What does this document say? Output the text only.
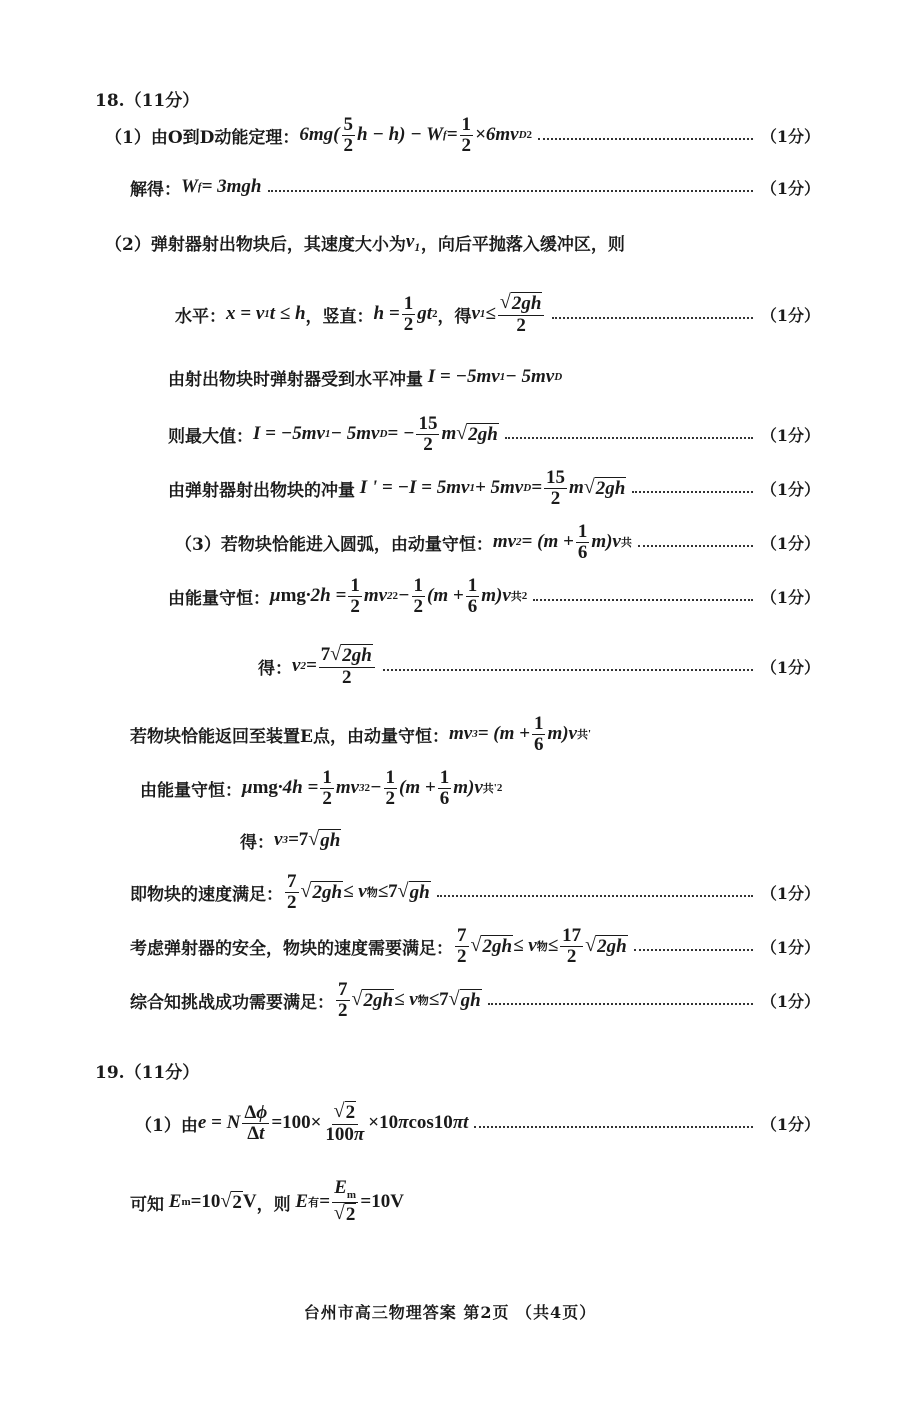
18.（11分）
（1）由O到D动能定理： $6mg( \frac{5}{2}$ h − h) − W $f = \frac{1}{2} \times 6mv$ D 2	（1分）
解得： W f = 3mgh	（1分）
（2）弹射器射出物块后，其速度大小为 v₁ ，向后平抛落入缓冲区，则
水平： x = v 1 t ≤ h ，竖直： $h = \frac{1}{2}$ gt 2 ，得 v $1 \le \frac{√ 2gh}{2}$	（1分）
由射出物块时弹射器受到水平冲量 I = −5mv 1 − 5mv D
则最大值： I = −5mv 1 − 5mv D = − $\frac{15}{2}$ m √ 2gh	（1分）
由弹射器射出物块的冲量 I ' = −I = 5mv 1 + 5mv $D = \frac{15}{2}$ m √ 2gh	（1分）
（3）若物块恰能进入圆弧，由动量守恒： mv $2 = (m + \frac{1}{6} m)v$ 共	（1分）
由能量守恒： μ mg $\cdot 2h = \frac{1}{2}$ mv 2 $2 - \frac{1}{2} (m + \frac{1}{6} m)v$ 共 2	（1分）
得： v $2 = \frac{7 √ 2gh}{2}$	（1分）
若物块恰能返回至装置E点，由动量守恒： mv $3 = (m + \frac{1}{6} m)v$ 共 '
由能量守恒： μ mg $\cdot 4h = \frac{1}{2}$ mv 3 $2 - \frac{1}{2} (m + \frac{1}{6} m)v$ 共 '2
得： v 3 = 7 √ gh
即物块的速度满足： $\frac{7}{2}$ √ 2gh ≤ v 物 ≤ 7 √ gh	（1分）
考虑弹射器的安全，物块的速度需要满足： $\frac{7}{2}$ √ 2gh ≤ v 物 ≤ $\frac{17}{2}$ √ 2gh	（1分）
综合知挑战成功需要满足： $\frac{7}{2}$ √ 2gh ≤ v 物 ≤ 7 √ gh	（1分）
19.（11分）
（1）由 e = N $\frac{\Delta\phi}{\Delta t} = 100\times \frac{√ 2}{100\pi} \times 10$ π cos10 πt	（1分）
可知 E m =10 √ 2 V ，则 E 有 = $\frac{E_m}{√ 2} =10V$
台州市高三物理答案 第2页 （共4页）
